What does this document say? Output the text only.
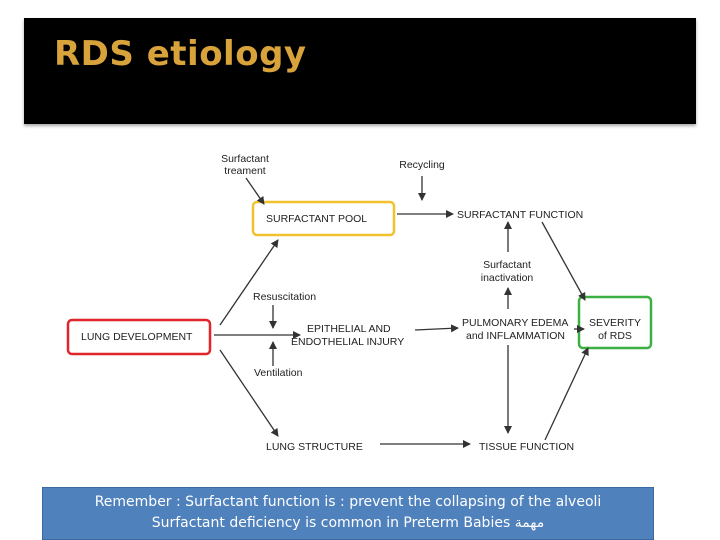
RDS etiology
Surfactant
treament	Recycling
SURFACTANT POOL	SURFACTANT FUNCTION
Surfactant
inactivation
Resuscitation
LUNG DEVELOPMENT
EPITHELIAL AND
ENDOTHELIAL INJURY
PULMONARY EDEMA
and INFLAMMATION
SEVERITY
of RDS
Ventilation
LUNG STRUCTURE	TISSUE FUNCTION
Remember : Surfactant function is : prevent the collapsing of the alveoli
Surfactant deficiency is common in Preterm Babies مهمة
